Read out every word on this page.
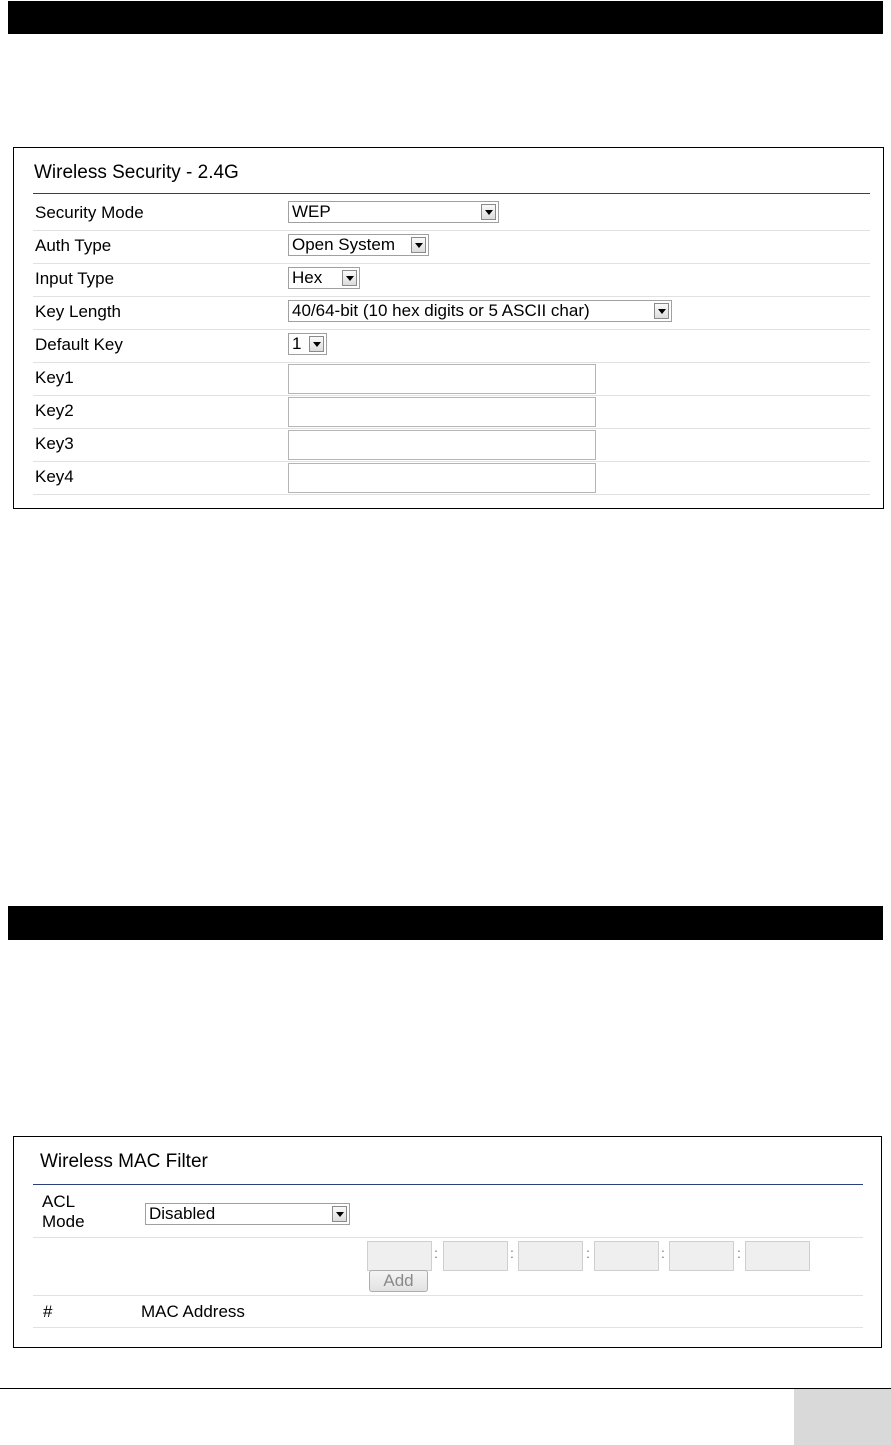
Wireless Security - 2.4G
Security Mode	WEP
Auth Type	Open System
Input Type	Hex
Key Length	40/64-bit (10 hex digits or 5 ASCII char)
Default Key	1
Key1
Key2
Key3
Key4
Wireless MAC Filter
ACL
Mode	Disabled
:	:	:	:	:
Add
#	MAC Address
